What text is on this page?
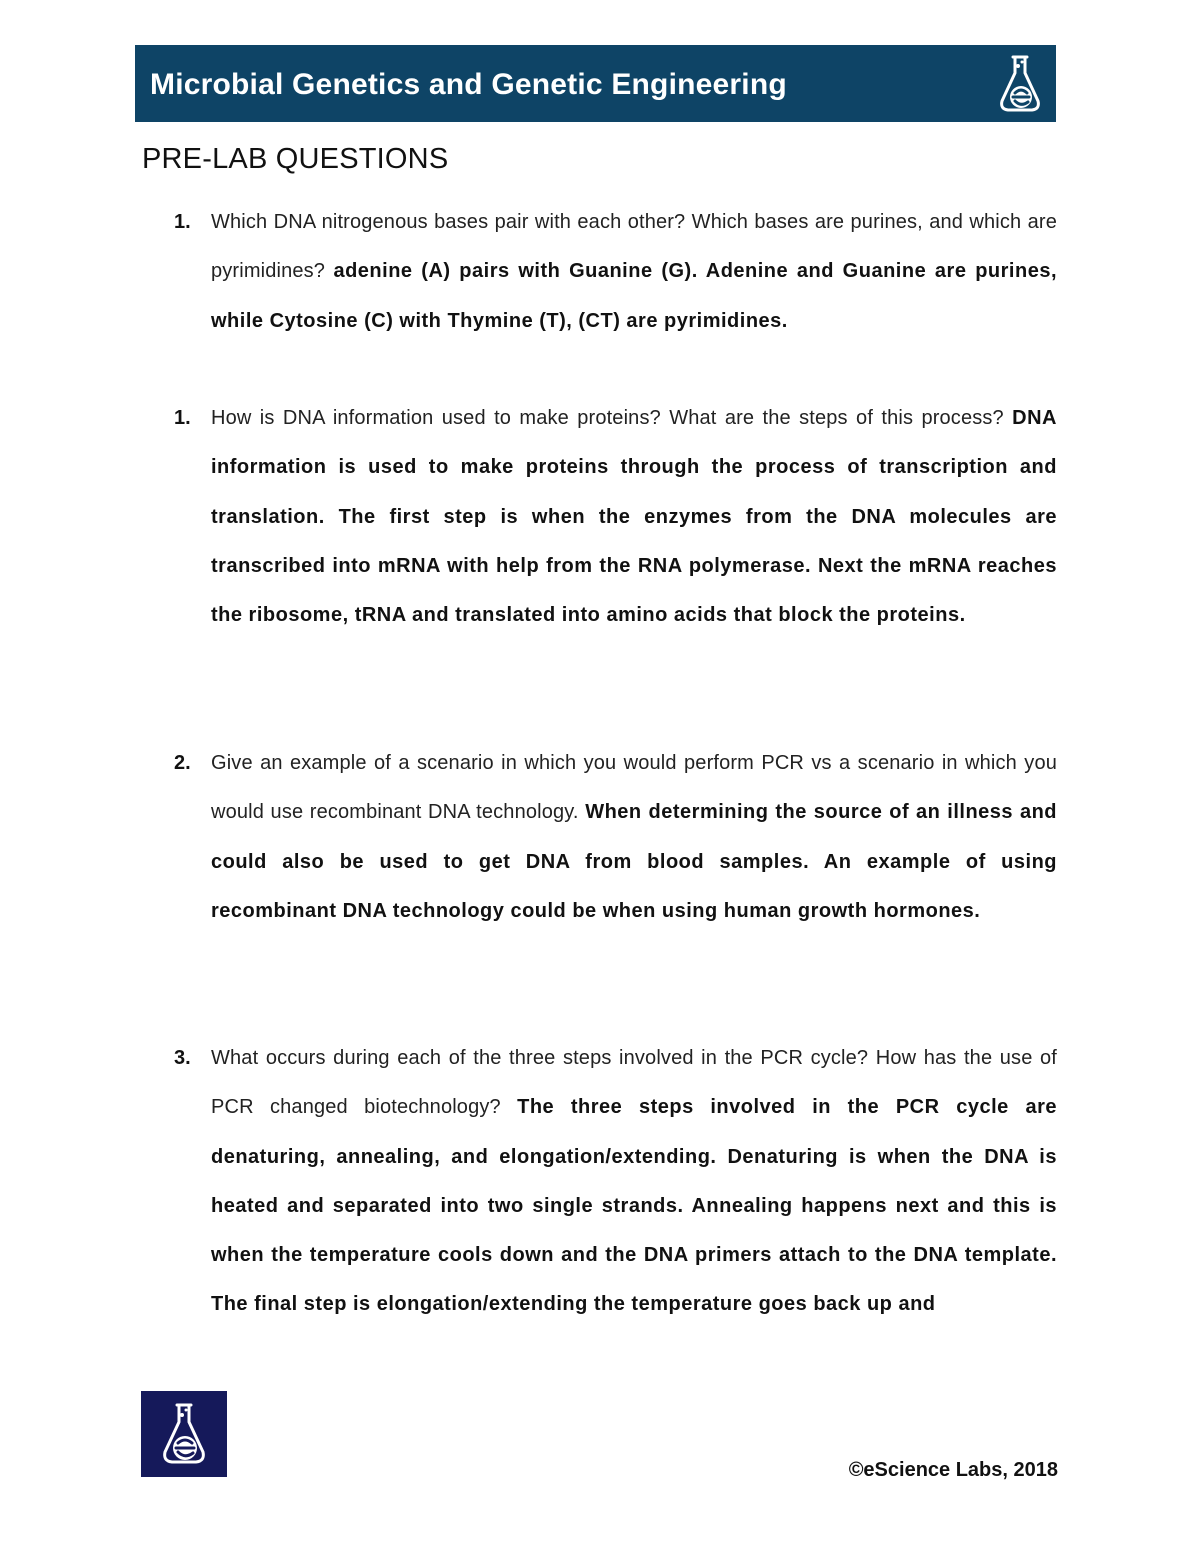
Microbial Genetics and Genetic Engineering
PRE-LAB QUESTIONS
1. Which DNA nitrogenous bases pair with each other? Which bases are purines, and which are pyrimidines? adenine (A) pairs with Guanine (G). Adenine and Guanine are purines, while Cytosine (C) with Thymine (T), (CT) are pyrimidines.
1. How is DNA information used to make proteins? What are the steps of this process? DNA information is used to make proteins through the process of transcription and translation. The first step is when the enzymes from the DNA molecules are transcribed into mRNA with help from the RNA polymerase. Next the mRNA reaches the ribosome, tRNA and translated into amino acids that block the proteins.
2. Give an example of a scenario in which you would perform PCR vs a scenario in which you would use recombinant DNA technology. When determining the source of an illness and could also be used to get DNA from blood samples. An example of using recombinant DNA technology could be when using human growth hormones.
3. What occurs during each of the three steps involved in the PCR cycle? How has the use of PCR changed biotechnology? The three steps involved in the PCR cycle are denaturing, annealing, and elongation/extending. Denaturing is when the DNA is heated and separated into two single strands. Annealing happens next and this is when the temperature cools down and the DNA primers attach to the DNA template. The final step is elongation/extending the temperature goes back up and
©eScience Labs, 2018
